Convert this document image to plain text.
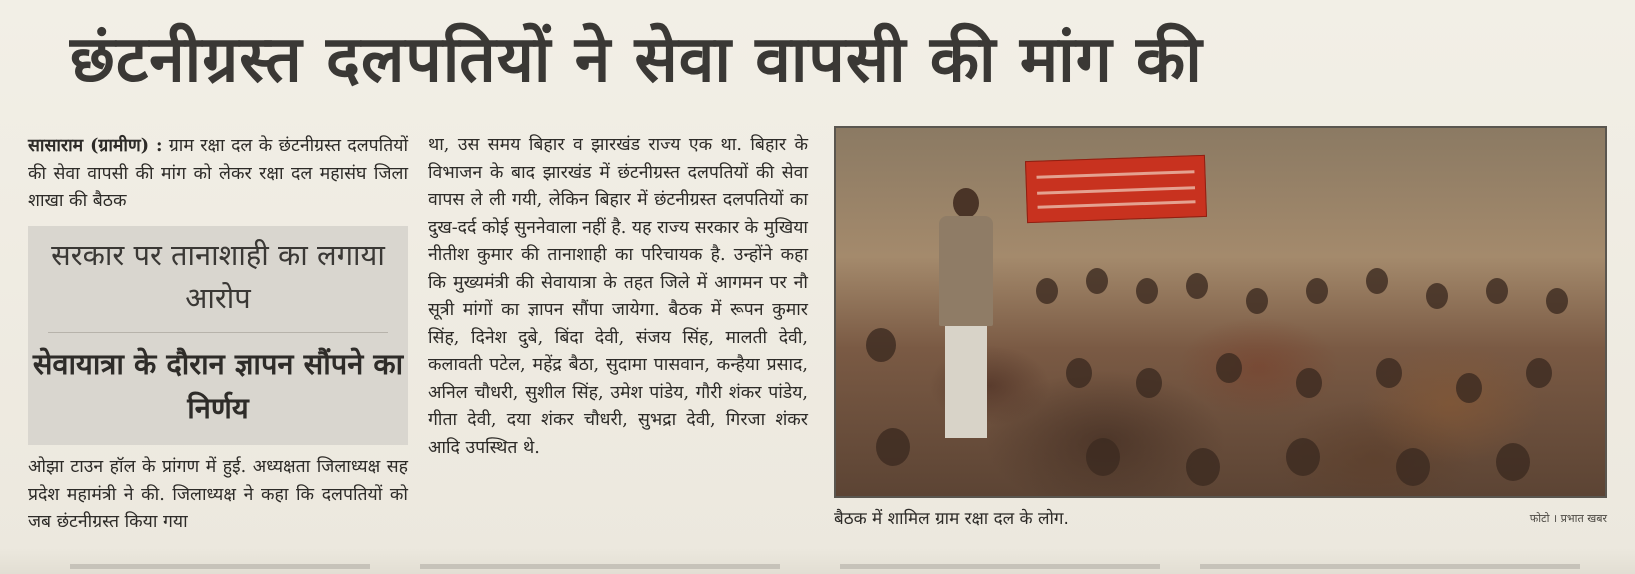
छंटनीग्रस्त दलपतियों ने सेवा वापसी की मांग की
सासाराम (ग्रामीण) : ग्राम रक्षा दल के छंटनीग्रस्त दलपतियों की सेवा वापसी की मांग को लेकर रक्षा दल महासंघ जिला शाखा की बैठक
सरकार पर तानाशाही का लगाया आरोप
सेवायात्रा के दौरान ज्ञापन सौंपने का निर्णय
ओझा टाउन हॉल के प्रांगण में हुई. अध्यक्षता जिलाध्यक्ष सह प्रदेश महामंत्री ने की. जिलाध्यक्ष ने कहा कि दलपतियों को जब छंटनीग्रस्त किया गया
था, उस समय बिहार व झारखंड राज्य एक था. बिहार के विभाजन के बाद झारखंड में छंटनीग्रस्त दलपतियों की सेवा वापस ले ली गयी, लेकिन बिहार में छंटनीग्रस्त दलपतियों का दुख-दर्द कोई सुननेवाला नहीं है. यह राज्य सरकार के मुखिया नीतीश कुमार की तानाशाही का परिचायक है. उन्होंने कहा कि मुख्यमंत्री की सेवायात्रा के तहत जिले में आगमन पर नौ सूत्री मांगों का ज्ञापन सौंपा जायेगा. बैठक में रूपन कुमार सिंह, दिनेश दुबे, बिंदा देवी, संजय सिंह, मालती देवी, कलावती पटेल, महेंद्र बैठा, सुदामा पासवान, कन्हैया प्रसाद, अनिल चौधरी, सुशील सिंह, उमेश पांडेय, गौरी शंकर पांडेय, गीता देवी, दया शंकर चौधरी, सुभद्रा देवी, गिरजा शंकर आदि उपस्थित थे.
बैठक में शामिल ग्राम रक्षा दल के लोग.	फोटो । प्रभात खबर
